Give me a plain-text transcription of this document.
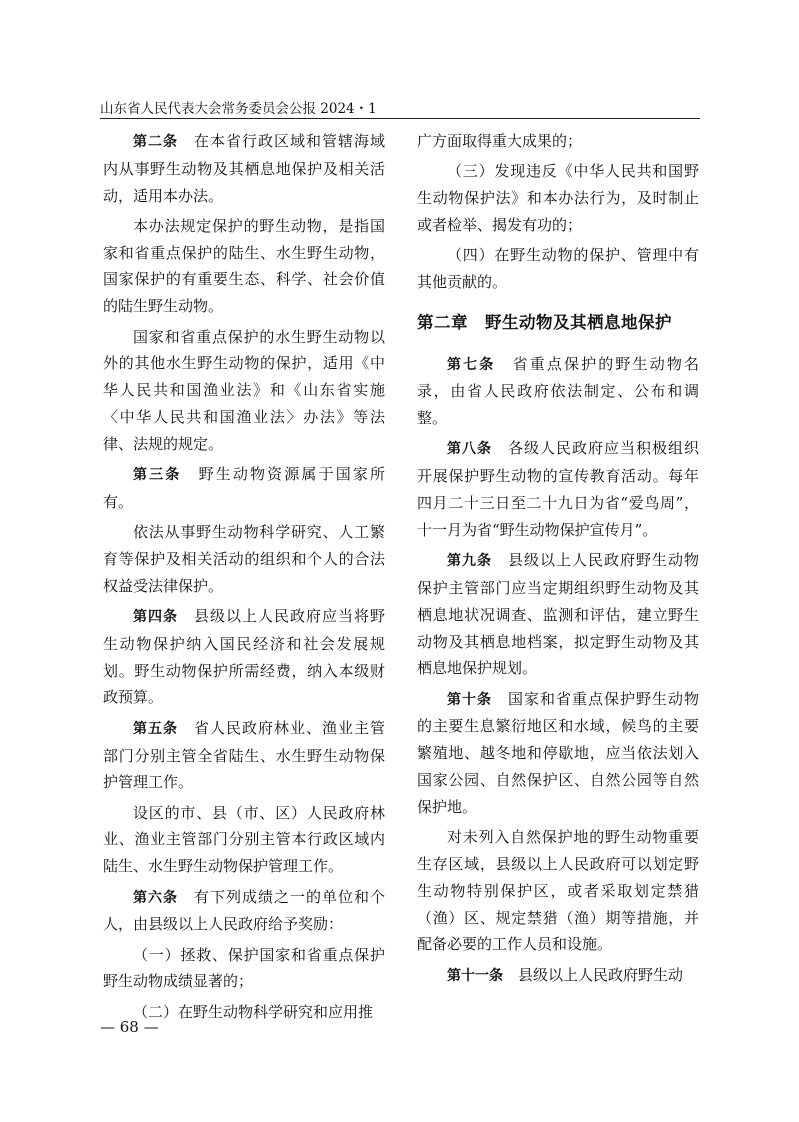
山东省人民代表大会常务委员会公报 2024・1

第二条　 在本省行政区域和管辖海域内从事野生动物及其栖息地保护及相关活动，适用本办法。

本办法规定保护的野生动物，是指国家和省重点保护的陆生、水生野生动物，国家保护的有重要生态、科学、社会价值的陆生野生动物。

国家和省重点保护的水生野生动物以外的其他水生野生动物的保护，适用《中华人民共和国渔业法》和《山东省实施〈中华人民共和国渔业法〉办法》等法律、法规的规定。

第三条　 野生动物资源属于国家所有。

依法从事野生动物科学研究、人工繁育等保护及相关活动的组织和个人的合法权益受法律保护。

第四条　 县级以上人民政府应当将野生动物保护纳入国民经济和社会发展规划。野生动物保护所需经费，纳入本级财政预算。

第五条　 省人民政府林业、渔业主管部门分别主管全省陆生、水生野生动物保护管理工作。

设区的市、县（市、区）人民政府林业、渔业主管部门分别主管本行政区域内陆生、水生野生动物保护管理工作。

第六条　 有下列成绩之一的单位和个人，由县级以上人民政府给予奖励：

（一）拯救、保护国家和省重点保护野生动物成绩显著的；

（二）在野生动物科学研究和应用推

广方面取得重大成果的；

（三）发现违反《中华人民共和国野生动物保护法》和本办法行为，及时制止或者检举、揭发有功的；

（四）在野生动物的保护、管理中有其他贡献的。

第二章　野生动物及其栖息地保护

第七条　 省重点保护的野生动物名录，由省人民政府依法制定、公布和调整。

第八条　 各级人民政府应当积极组织开展保护野生动物的宣传教育活动。每年四月二十三日至二十九日为省“爱鸟周”，十一月为省“野生动物保护宣传月”。

第九条　 县级以上人民政府野生动物保护主管部门应当定期组织野生动物及其栖息地状况调查、监测和评估，建立野生动物及其栖息地档案，拟定野生动物及其栖息地保护规划。

第十条　 国家和省重点保护野生动物的主要生息繁衍地区和水域，候鸟的主要繁殖地、越冬地和停歇地，应当依法划入国家公园、自然保护区、自然公园等自然保护地。

对未列入自然保护地的野生动物重要生存区域，县级以上人民政府可以划定野生动物特别保护区，或者采取划定禁猎（渔）区、规定禁猎（渔）期等措施，并配备必要的工作人员和设施。

第十一条　 县级以上人民政府野生动

— 68 —
